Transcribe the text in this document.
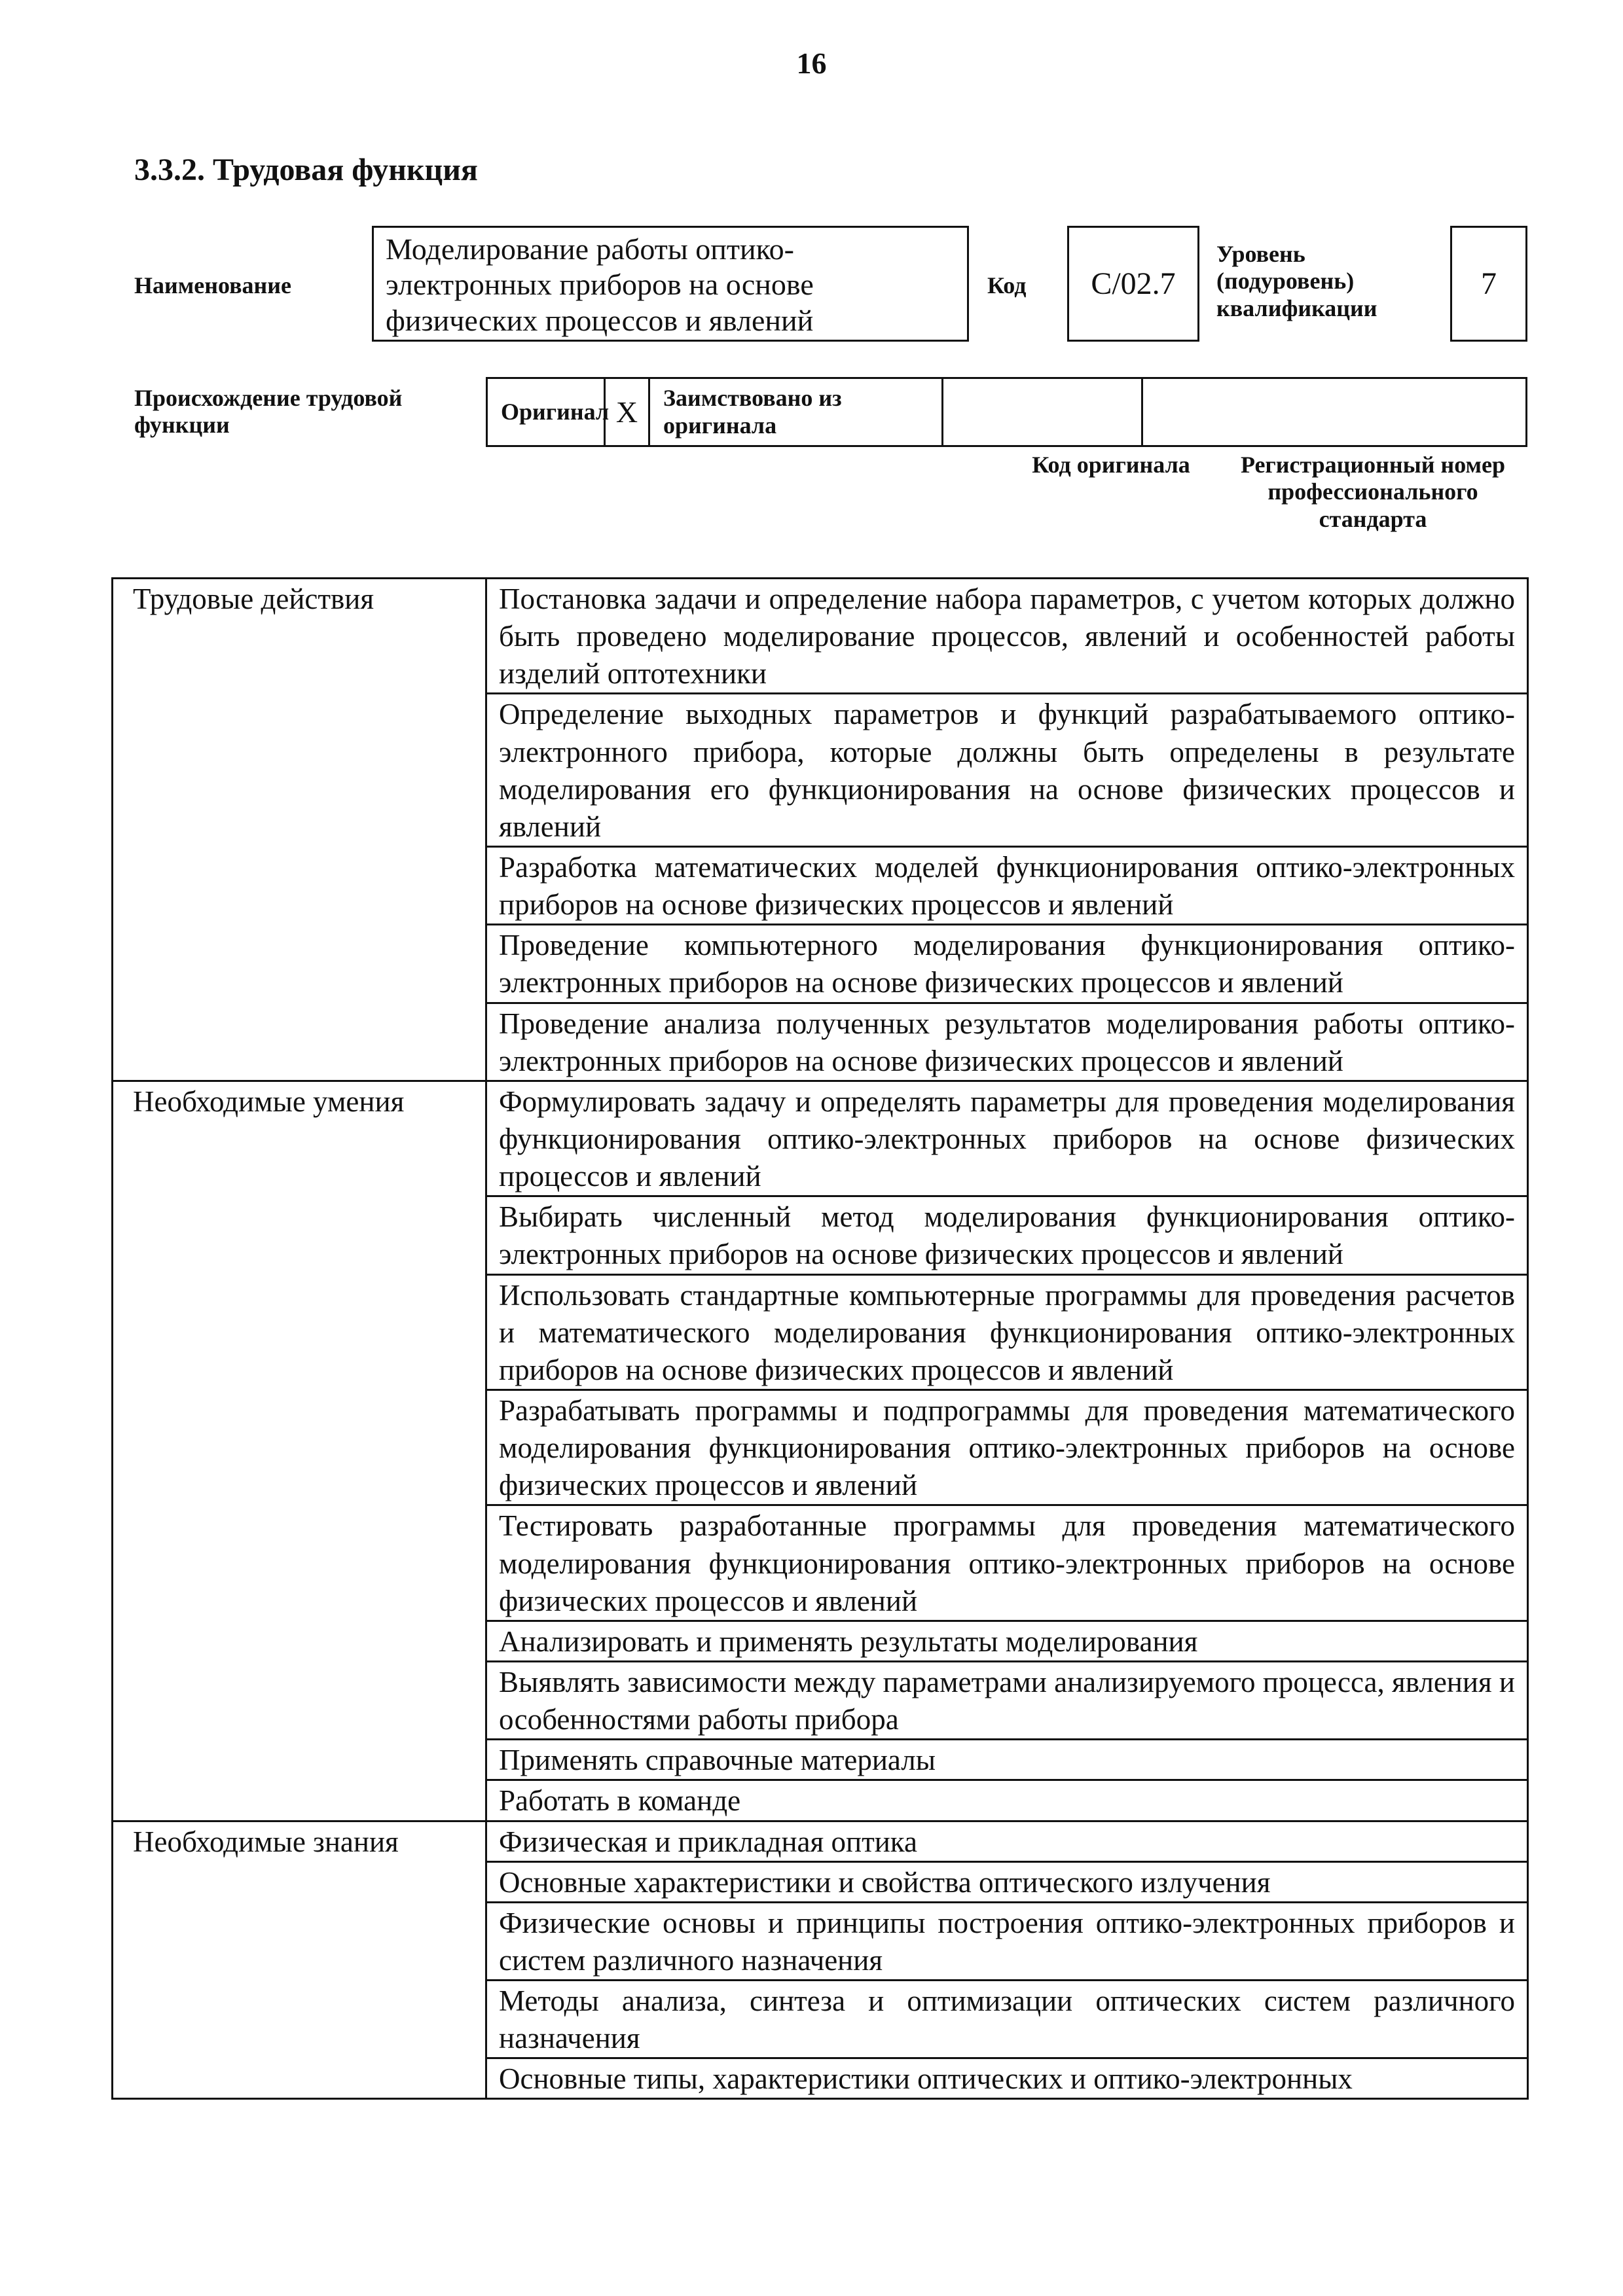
16
3.3.2. Трудовая функция
Наименование
Моделирование работы оптико-электронных приборов на основе физических процессов и явлений
Код C/02.7
Уровень
(подуровень)
квалификации
7
Происхождение трудовой функции
Оригинал X Заимствовано из оригинала
Код оригинала	Регистрационный номер профессионального стандарта
Трудовые действия	Постановка задачи и определение набора параметров, с учетом которых должно быть проведено моделирование процессов, явлений и особенностей работы изделий оптотехники
	Определение выходных параметров и функций разрабатываемого оптико-электронного прибора, которые должны быть определены в результате моделирования его функционирования на основе физических процессов и явлений
	Разработка математических моделей функционирования оптико-электронных приборов на основе физических процессов и явлений
	Проведение компьютерного моделирования функционирования оптико-электронных приборов на основе физических процессов и явлений
	Проведение анализа полученных результатов моделирования работы оптико-электронных приборов на основе физических процессов и явлений
Необходимые умения	Формулировать задачу и определять параметры для проведения моделирования функционирования оптико-электронных приборов на основе физических процессов и явлений
	Выбирать численный метод моделирования функционирования оптико-электронных приборов на основе физических процессов и явлений
	Использовать стандартные компьютерные программы для проведения расчетов и математического моделирования функционирования оптико-электронных приборов на основе физических процессов и явлений
	Разрабатывать программы и подпрограммы для проведения математического моделирования функционирования оптико-электронных приборов на основе физических процессов и явлений
	Тестировать разработанные программы для проведения математического моделирования функционирования оптико-электронных приборов на основе физических процессов и явлений
	Анализировать и применять результаты моделирования
	Выявлять зависимости между параметрами анализируемого процесса, явления и особенностями работы прибора
	Применять справочные материалы
	Работать в команде
Необходимые знания	Физическая и прикладная оптика
	Основные характеристики и свойства оптического излучения
	Физические основы и принципы построения оптико-электронных приборов и систем различного назначения
	Методы анализа, синтеза и оптимизации оптических систем различного назначения
	Основные типы, характеристики оптических и оптико-электронных
